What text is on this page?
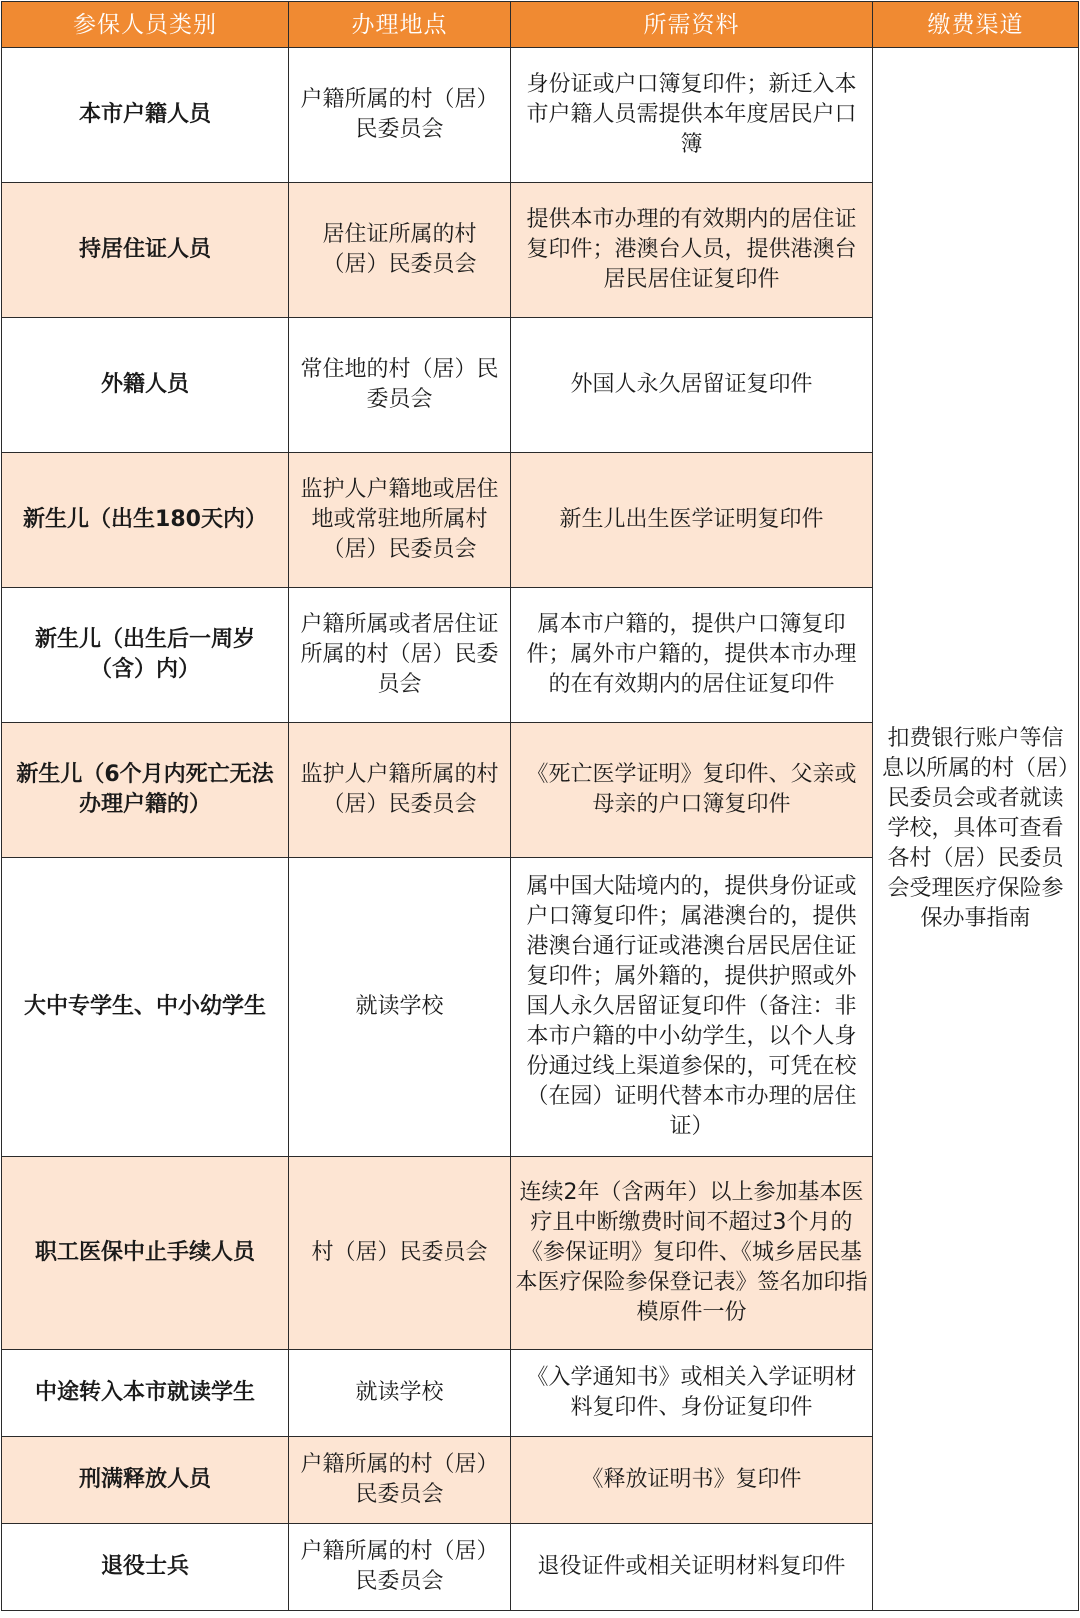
参保人员类别	办理地点	所需资料	缴费渠道
本市户籍人员	户籍所属的村（居）民委员会	身份证或户口簿复印件；新迁入本市户籍人员需提供本年度居民户口簿	扣费银行账户等信息以所属的村（居）民委员会或者就读学校，具体可查看各村（居）民委员会受理医疗保险参保办事指南
持居住证人员	居住证所属的村（居）民委员会	提供本市办理的有效期内的居住证复印件；港澳台人员，提供港澳台居民居住证复印件	
外籍人员	常住地的村（居）民委员会	外国人永久居留证复印件	
新生儿（出生180天内）	监护人户籍地或居住地或常驻地所属村（居）民委员会	新生儿出生医学证明复印件	
新生儿（出生后一周岁（含）内）	户籍所属或者居住证所属的村（居）民委员会	属本市户籍的，提供户口簿复印件；属外市户籍的，提供本市办理的在有效期内的居住证复印件	
新生儿（6个月内死亡无法办理户籍的）	监护人户籍所属的村（居）民委员会	《死亡医学证明》复印件、父亲或母亲的户口簿复印件	
大中专学生、中小幼学生	就读学校	属中国大陆境内的，提供身份证或户口簿复印件；属港澳台的，提供港澳台通行证或港澳台居民居住证复印件；属外籍的，提供护照或外国人永久居留证复印件（备注：非本市户籍的中小幼学生，以个人身份通过线上渠道参保的，可凭在校（在园）证明代替本市办理的居住证）	
职工医保中止手续人员	村（居）民委员会	连续2年（含两年）以上参加基本医疗且中断缴费时间不超过3个月的《参保证明》复印件、《城乡居民基本医疗保险参保登记表》签名加印指模原件一份	
中途转入本市就读学生	就读学校	《入学通知书》或相关入学证明材料复印件、身份证复印件	
刑满释放人员	户籍所属的村（居）民委员会	《释放证明书》复印件	
退役士兵	户籍所属的村（居）民委员会	退役证件或相关证明材料复印件	
